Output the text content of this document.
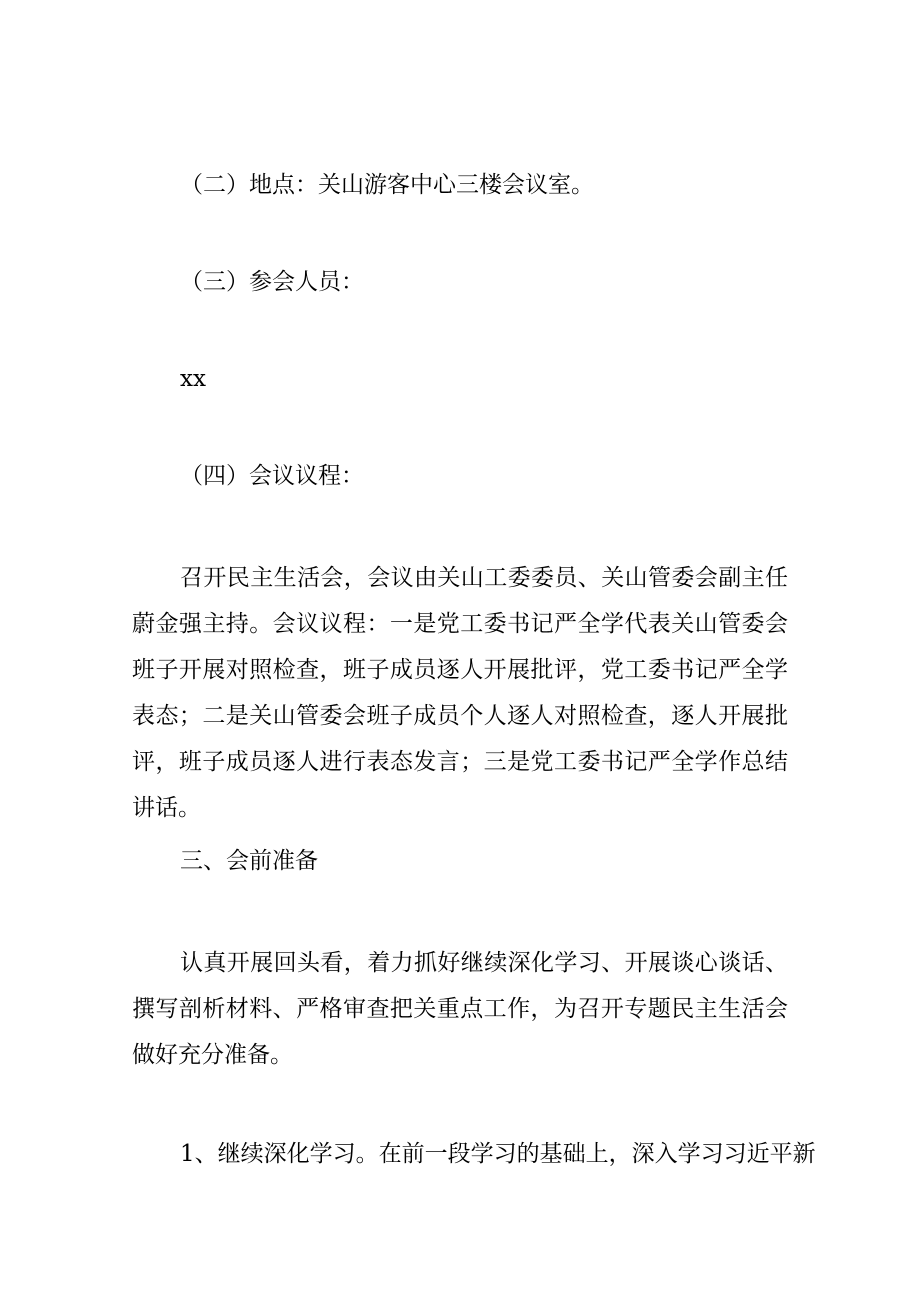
（二）地点：关山游客中心三楼会议室。

（三）参会人员：

xx

（四）会议议程：

召开民主生活会，会议由关山工委委员、关山管委会副主任蔚金强主持。会议议程：一是党工委书记严全学代表关山管委会班子开展对照检查，班子成员逐人开展批评，党工委书记严全学表态；二是关山管委会班子成员个人逐人对照检查，逐人开展批评，班子成员逐人进行表态发言；三是党工委书记严全学作总结讲话。

三、会前准备

认真开展回头看，着力抓好继续深化学习、开展谈心谈话、撰写剖析材料、严格审查把关重点工作，为召开专题民主生活会做好充分准备。

1、继续深化学习。在前一段学习的基础上，深入学习习近平新
